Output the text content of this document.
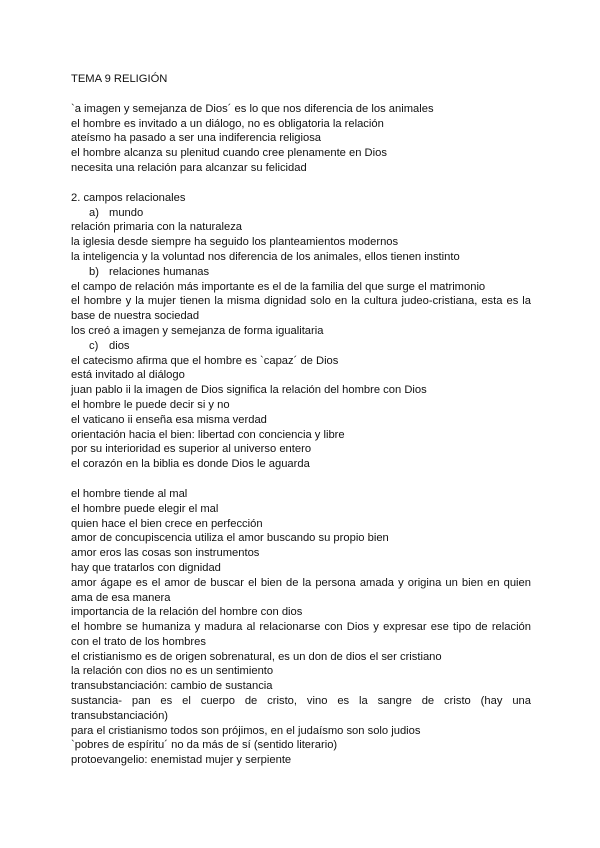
TEMA 9 RELIGIÓN
`a imagen y semejanza de Dios´ es lo que nos diferencia de los animales
el hombre es invitado a un diálogo, no es obligatoria la relación
ateísmo ha pasado a ser una indiferencia religiosa
el hombre alcanza su plenitud cuando cree plenamente en Dios
necesita una relación para alcanzar su felicidad
2. campos relacionales
a) mundo
relación primaria con la naturaleza
la iglesia desde siempre ha seguido los planteamientos modernos
la inteligencia y la voluntad nos diferencia de los animales, ellos tienen instinto
b) relaciones humanas
el campo de relación más importante es el de la familia del que surge el matrimonio
el hombre y la mujer tienen la misma dignidad solo en la cultura judeo-cristiana, esta es la base de nuestra sociedad
los creó a imagen y semejanza de forma igualitaria
c) dios
el catecismo afirma que el hombre es `capaz´ de Dios
está invitado al diálogo
juan pablo ii la imagen de Dios significa la relación del hombre con Dios
el hombre le puede decir si y no
el vaticano ii enseña esa misma verdad
orientación hacia el bien: libertad con conciencia y libre
por su interioridad es superior al universo entero
el corazón en la biblia es donde Dios le aguarda
el hombre tiende al mal
el hombre puede elegir el mal
quien hace el bien crece en perfección
amor de concupiscencia utiliza el amor buscando su propio bien
amor eros las cosas son instrumentos
hay que tratarlos con dignidad
amor ágape es el amor de buscar el bien de la persona amada y origina un bien en quien ama de esa manera
importancia de la relación del hombre con dios
el hombre se humaniza y madura al relacionarse con Dios y expresar ese tipo de relación con el trato de los hombres
el cristianismo es de origen sobrenatural, es un don de dios el ser cristiano
la relación con dios no es un sentimiento
transubstanciación: cambio de sustancia
sustancia- pan es el cuerpo de cristo, vino es la sangre de cristo (hay una transubstanciación)
para el cristianismo todos son prójimos, en el judaísmo son solo judios
`pobres de espíritu´ no da más de sí (sentido literario)
protoevangelio: enemistad mujer y serpiente
